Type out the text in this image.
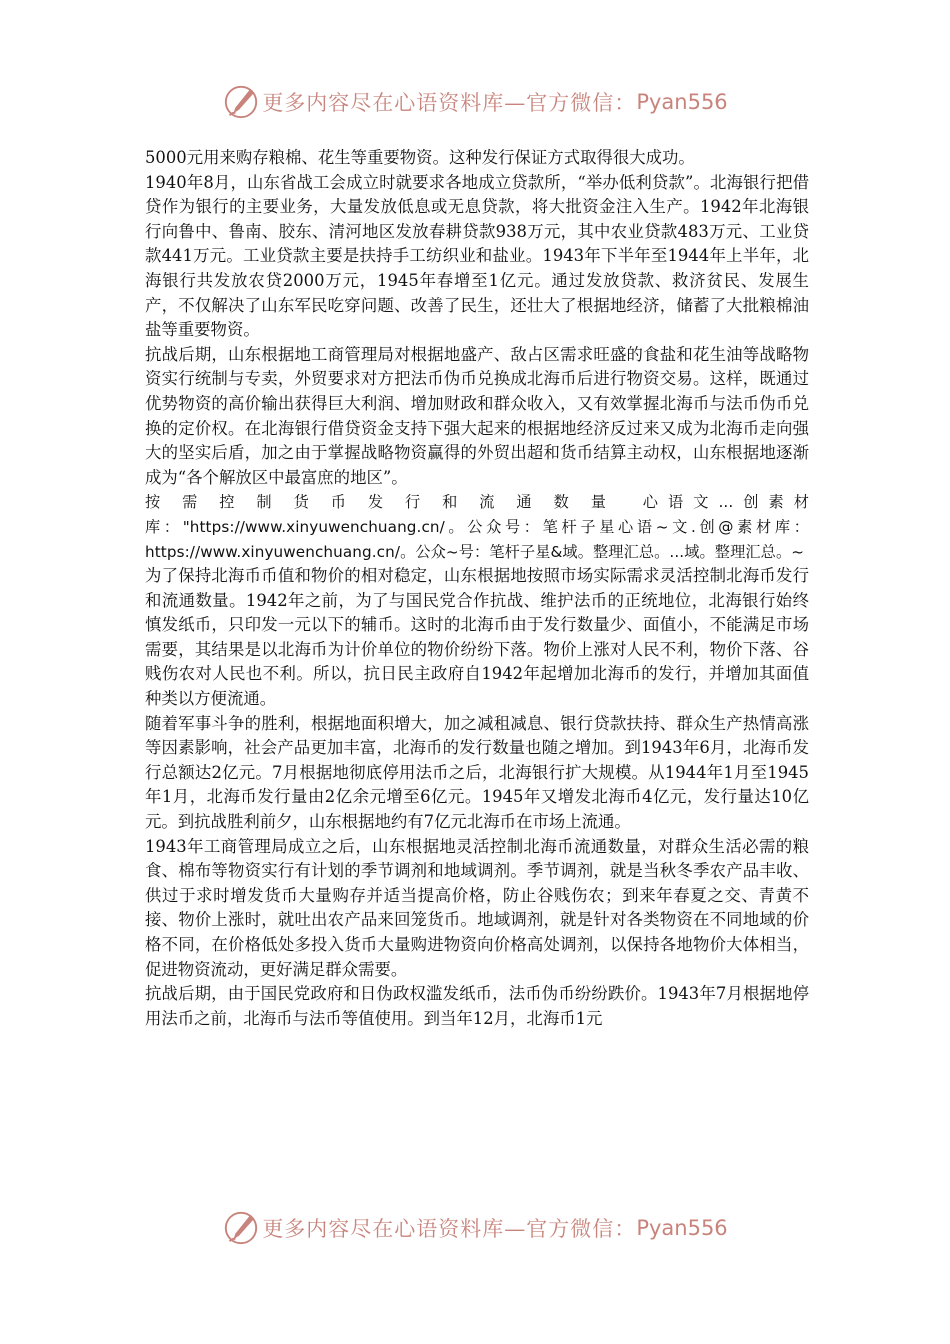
更多内容尽在心语资料库—官方微信： Pyan556

5000元用来购存粮棉、花生等重要物资。这种发行保证方式取得很大成功。

1940年8月，山东省战工会成立时就要求各地成立贷款所，“举办低利贷款”。北海银行把借贷作为银行的主要业务，大量发放低息或无息贷款，将大批资金注入生产。1942年北海银行向鲁中、鲁南、胶东、清河地区发放春耕贷款938万元，其中农业贷款483万元、工业贷款441万元。工业贷款主要是扶持手工纺织业和盐业。1943年下半年至1944年上半年，北海银行共发放农贷2000万元，1945年春增至1亿元。通过发放贷款、救济贫民、发展生产，不仅解决了山东军民吃穿问题、改善了民生，还壮大了根据地经济，储蓄了大批粮棉油盐等重要物资。

抗战后期，山东根据地工商管理局对根据地盛产、敌占区需求旺盛的食盐和花生油等战略物资实行统制与专卖，外贸要求对方把法币伪币兑换成北海币后进行物资交易。这样，既通过优势物资的高价输出获得巨大利润、增加财政和群众收入，又有效掌握北海币与法币伪币兑换的定价权。在北海银行借贷资金支持下强大起来的根据地经济反过来又成为北海币走向强大的坚实后盾，加之由于掌握战略物资赢得的外贸出超和货币结算主动权，山东根据地逐渐成为“各个解放区中最富庶的地区”。

按需控制货币发行和流通数量 心语文...创素材库："https://www.xinyuwenchuang.cn/。公众号：笔杆子星心语~文.创@素材库：https://www.xinyuwenchuang.cn/。公众~号：笔杆子星&域。整理汇总。...域。整理汇总。~

为了保持北海币币值和物价的相对稳定，山东根据地按照市场实际需求灵活控制北海币发行和流通数量。1942年之前，为了与国民党合作抗战、维护法币的正统地位，北海银行始终慎发纸币，只印发一元以下的辅币。这时的北海币由于发行数量少、面值小，不能满足市场需要，其结果是以北海币为计价单位的物价纷纷下落。物价上涨对人民不利，物价下落、谷贱伤农对人民也不利。所以，抗日民主政府自1942年起增加北海币的发行，并增加其面值种类以方便流通。

随着军事斗争的胜利，根据地面积增大，加之减租减息、银行贷款扶持、群众生产热情高涨等因素影响，社会产品更加丰富，北海币的发行数量也随之增加。到1943年6月，北海币发行总额达2亿元。7月根据地彻底停用法币之后，北海银行扩大规模。从1944年1月至1945年1月，北海币发行量由2亿余元增至6亿元。1945年又增发北海币4亿元，发行量达10亿元。到抗战胜利前夕，山东根据地约有7亿元北海币在市场上流通。

1943年工商管理局成立之后，山东根据地灵活控制北海币流通数量，对群众生活必需的粮食、棉布等物资实行有计划的季节调剂和地域调剂。季节调剂，就是当秋冬季农产品丰收、供过于求时增发货币大量购存并适当提高价格，防止谷贱伤农；到来年春夏之交、青黄不接、物价上涨时，就吐出农产品来回笼货币。地域调剂，就是针对各类物资在不同地域的价格不同，在价格低处多投入货币大量购进物资向价格高处调剂，以保持各地物价大体相当，促进物资流动，更好满足群众需要。

抗战后期，由于国民党政府和日伪政权滥发纸币，法币伪币纷纷跌价。1943年7月根据地停用法币之前，北海币与法币等值使用。到当年12月，北海币1元

更多内容尽在心语资料库—官方微信： Pyan556
